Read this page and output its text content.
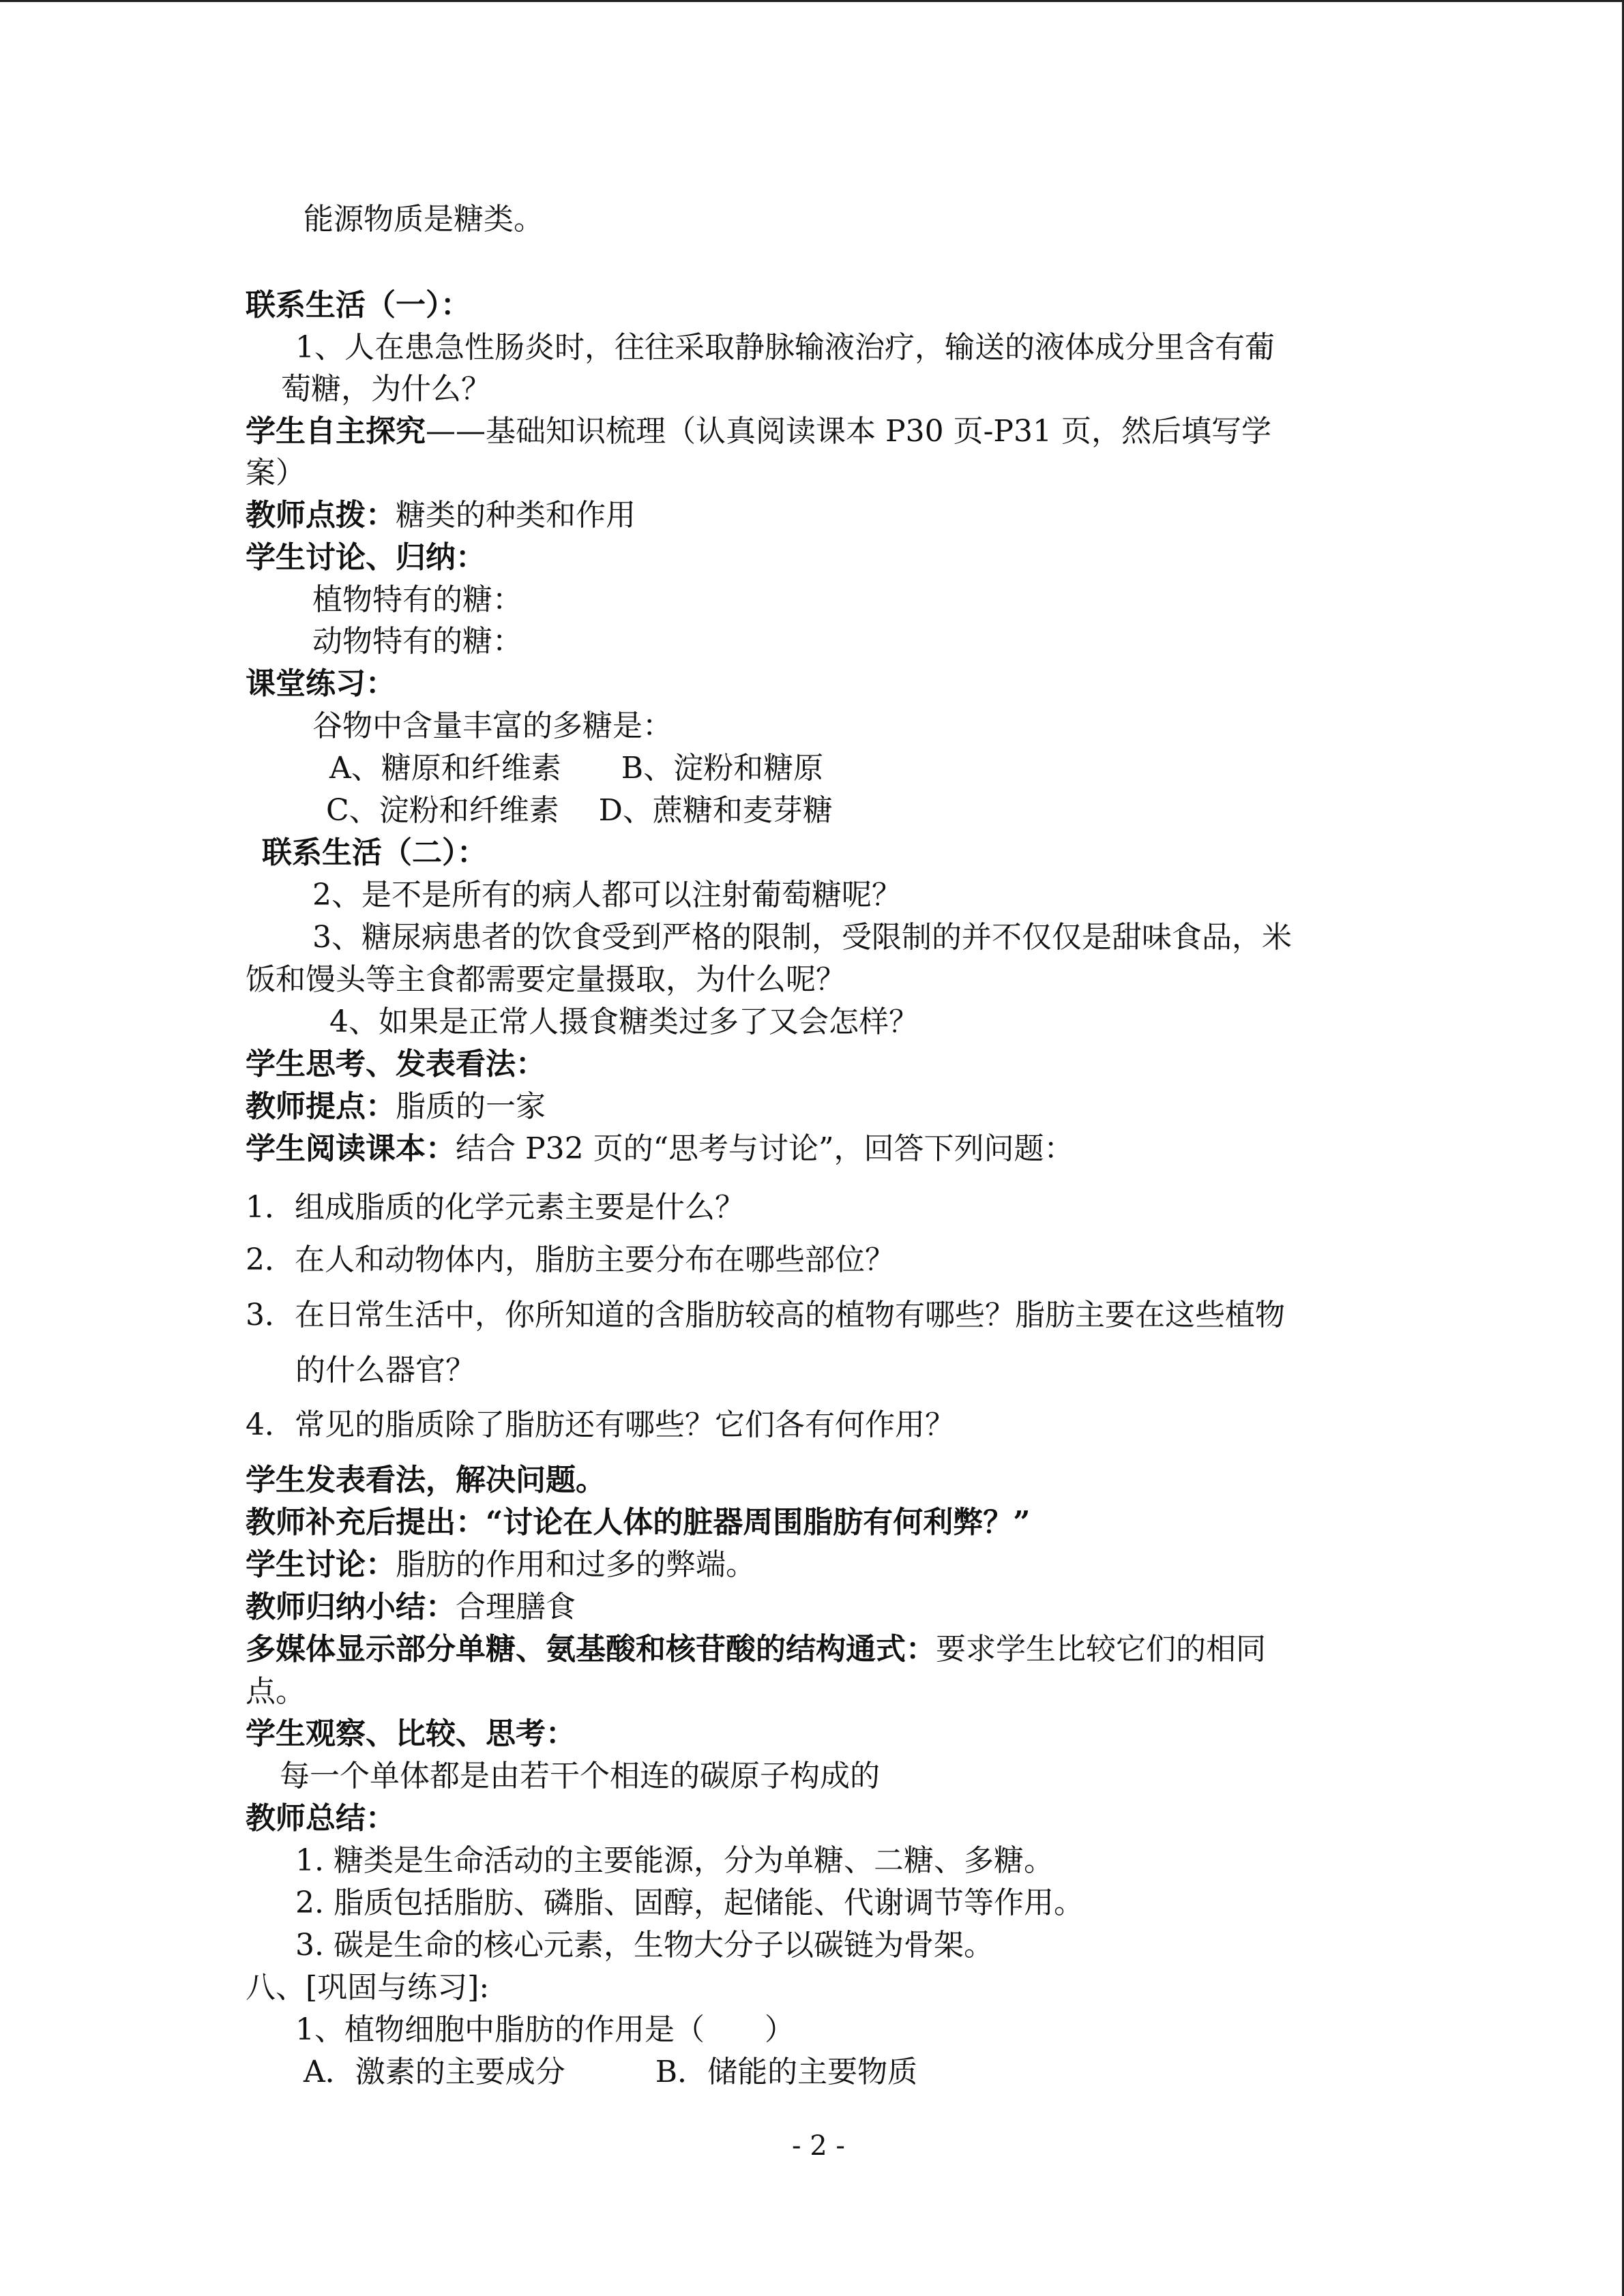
能源物质是糖类。
联系生活（一）：
1、人在患急性肠炎时，往往采取静脉输液治疗，输送的液体成分里含有葡
萄糖，为什么？
学生自主探究——基础知识梳理（认真阅读课本 P30 页-P31 页，然后填写学
案）
教师点拨：糖类的种类和作用
学生讨论、归纳：
植物特有的糖：
动物特有的糖：
课堂练习：
谷物中含量丰富的多糖是：
A、糖原和纤维素　　B、淀粉和糖原
C、淀粉和纤维素　 D、蔗糖和麦芽糖
联系生活（二）：
2、是不是所有的病人都可以注射葡萄糖呢？
3、糖尿病患者的饮食受到严格的限制，受限制的并不仅仅是甜味食品，米
饭和馒头等主食都需要定量摄取，为什么呢？
4、如果是正常人摄食糖类过多了又会怎样？
学生思考、发表看法：
教师提点：脂质的一家
学生阅读课本：结合 P32 页的“思考与讨论”，回答下列问题：
1．组成脂质的化学元素主要是什么？
2．在人和动物体内，脂肪主要分布在哪些部位？
3．在日常生活中，你所知道的含脂肪较高的植物有哪些？脂肪主要在这些植物
的什么器官？
4．常见的脂质除了脂肪还有哪些？它们各有何作用？
学生发表看法，解决问题。
教师补充后提出：“讨论在人体的脏器周围脂肪有何利弊？”
学生讨论：脂肪的作用和过多的弊端。
教师归纳小结：合理膳食
多媒体显示部分单糖、氨基酸和核苷酸的结构通式：要求学生比较它们的相同
点。
学生观察、比较、思考：
每一个单体都是由若干个相连的碳原子构成的
教师总结：
1. 糖类是生命活动的主要能源，分为单糖、二糖、多糖。
2. 脂质包括脂肪、磷脂、固醇，起储能、代谢调节等作用。
3. 碳是生命的核心元素，生物大分子以碳链为骨架。
八、[巩固与练习]:
1、植物细胞中脂肪的作用是（　　）
A．激素的主要成分　　　B．储能的主要物质
- 2 -
